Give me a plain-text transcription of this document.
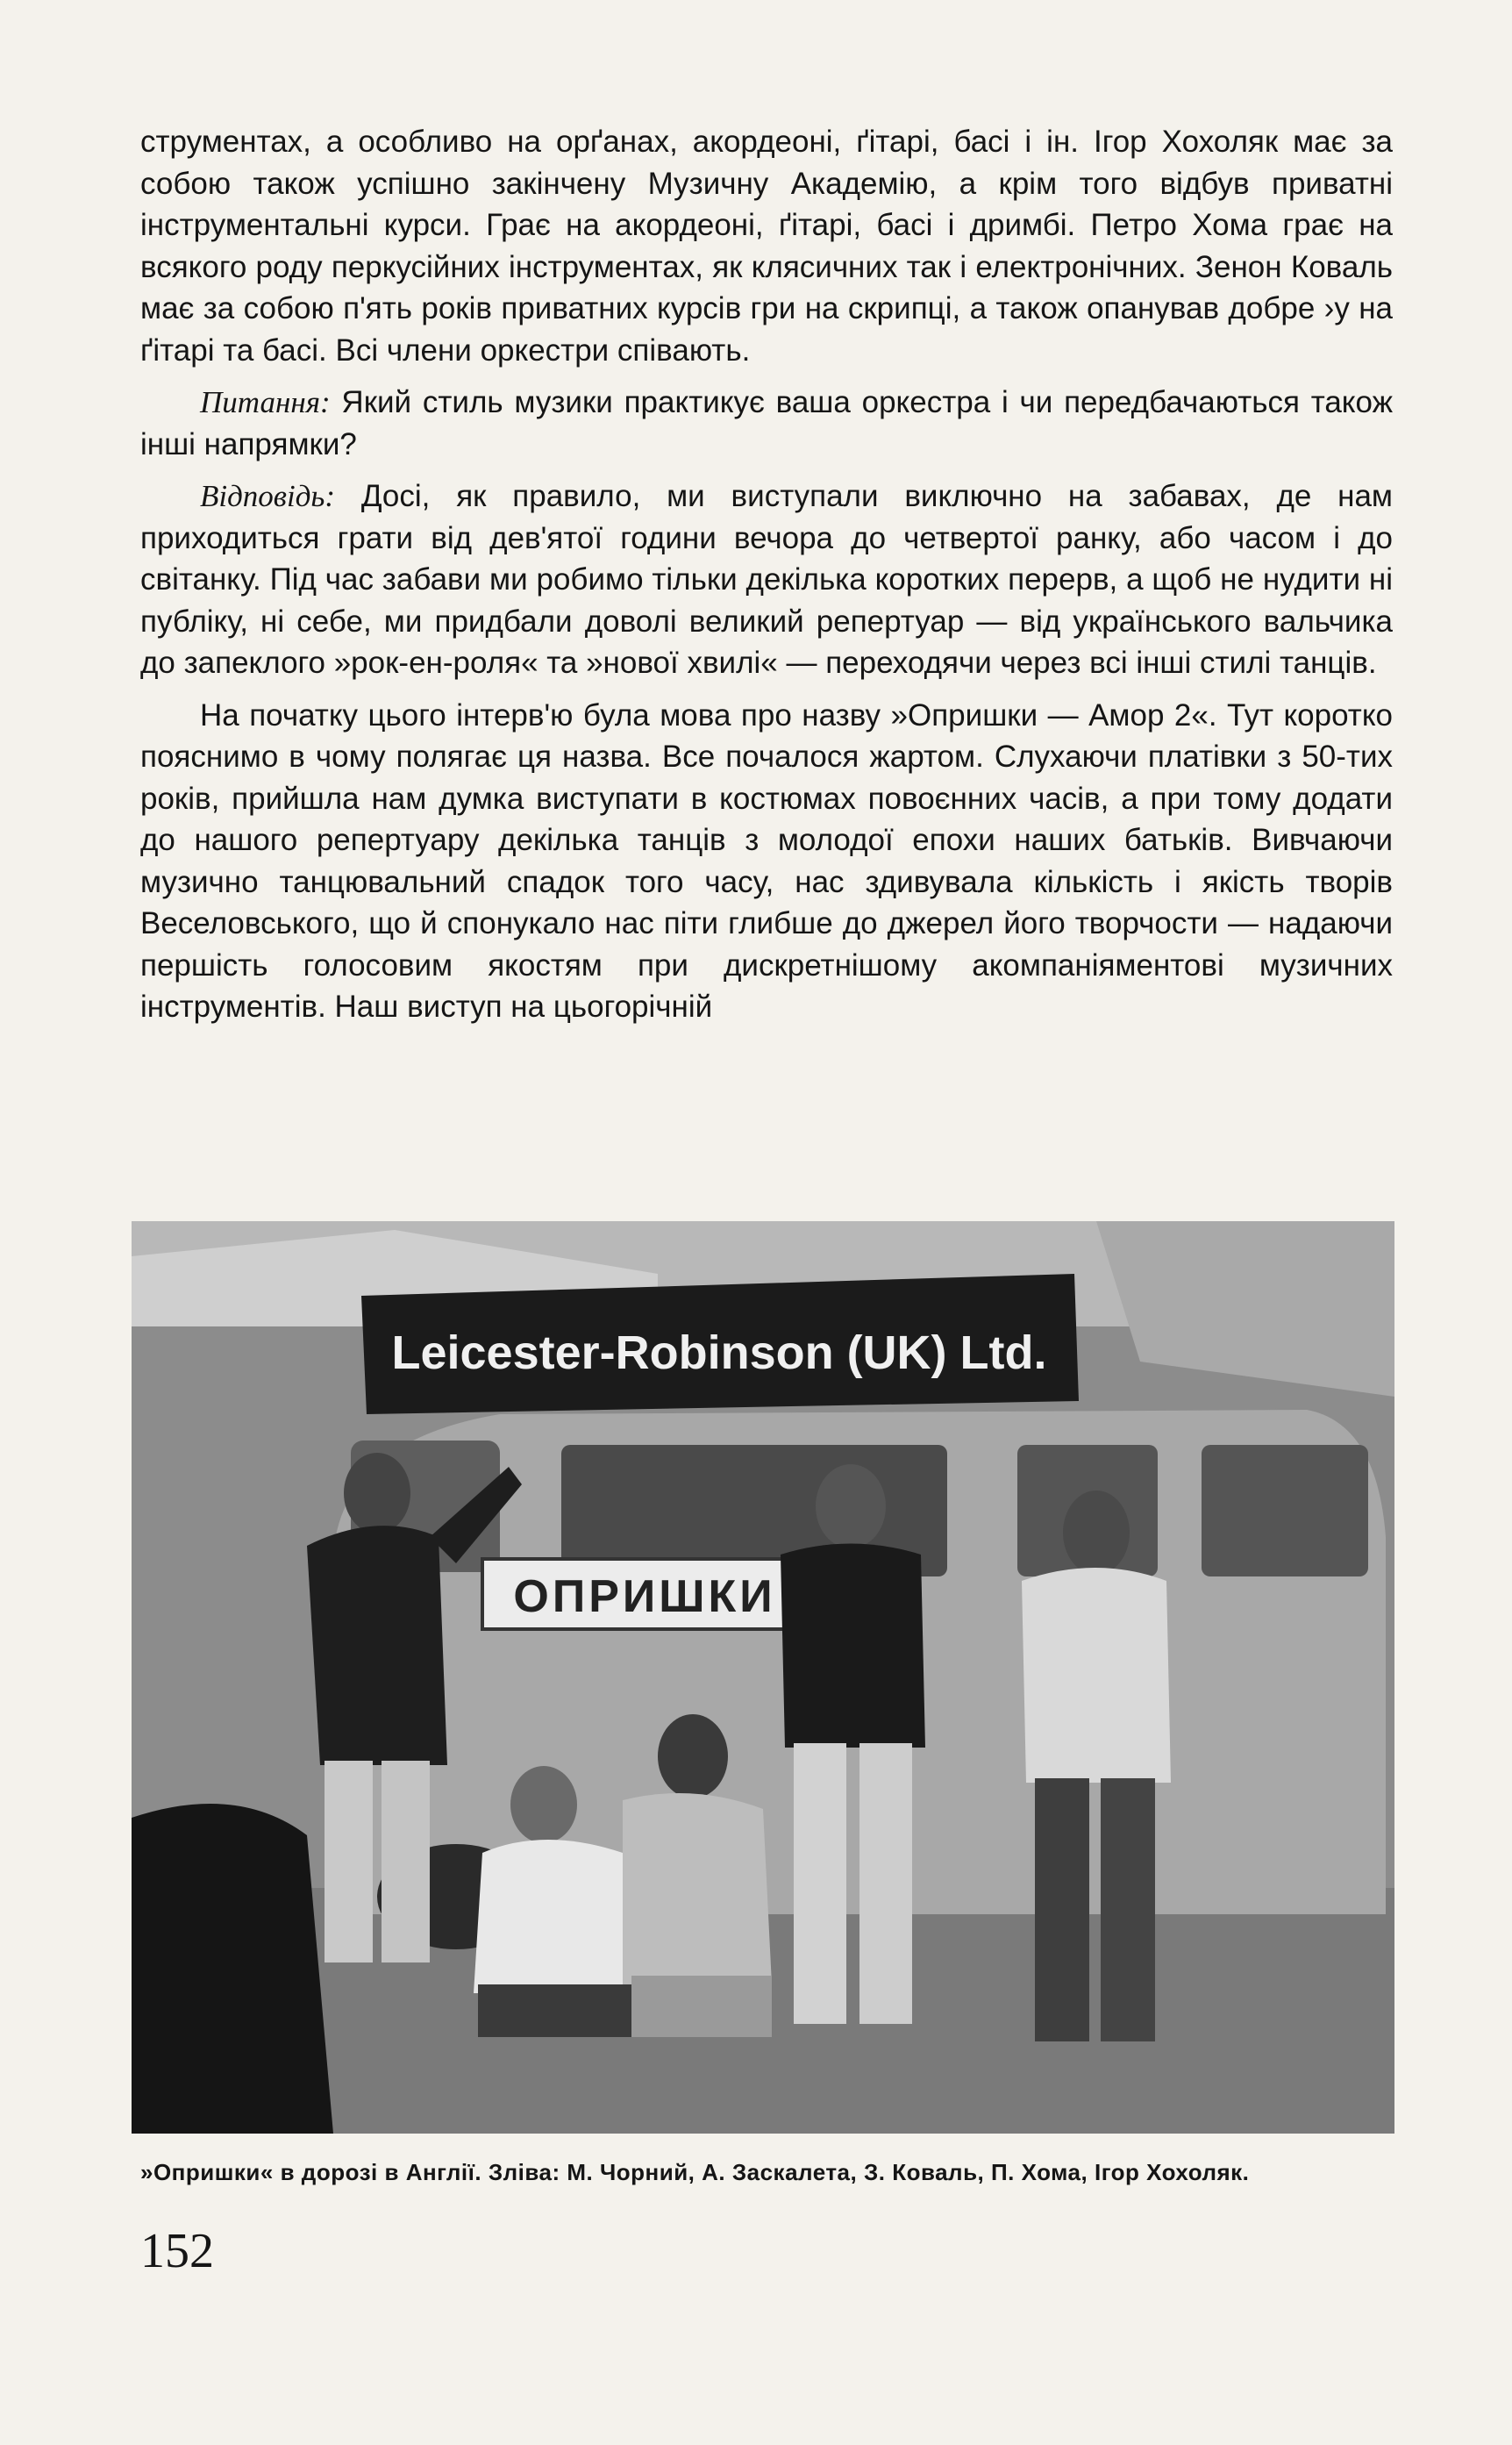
струментах, а особливо на орґанах, акордеоні, ґітарі, басі і ін. Ігор Хохоляк має за собою також успішно закінчену Музичну Академію, а крім того відбув приватні інструментальні курси. Грає на акордеоні, ґітарі, басі і дримбі. Петро Хома грає на всякого роду перкусійних інструментах, як клясичних так і електронічних. Зенон Коваль має за собою п'ять років приватних курсів гри на скрипці, а також опанував добре ›у на ґітарі та басі. Всі члени оркестри співають.

Питання: Який стиль музики практикує ваша оркестра і чи передбачаються також інші напрямки?

Відповідь: Досі, як правило, ми виступали виключно на забавах, де нам приходиться грати від дев'ятої години вечора до четвертої ранку, або часом і до світанку. Під час забави ми робимо тільки декілька коротких перерв, а щоб не нудити ні публіку, ні себе, ми придбали доволі великий репертуар — від українського вальчика до запеклого »рок-ен-роля« та »нової хвилі« — переходячи через всі інші стилі танців.

На початку цього інтерв'ю була мова про назву »Опришки — Амор 2«. Тут коротко пояснимо в чому полягає ця назва. Все почалося жартом. Слухаючи платівки з 50-тих років, прийшла нам думка виступати в костюмах повоєнних часів, а при тому додати до нашого репертуару декілька танців з молодої епохи наших батьків. Вивчаючи музично танцювальний спадок того часу, нас здивувала кількість і якість творів Веселовського, що й спонукало нас піти глибше до джерел його творчости — надаючи першість голосовим якостям при дискретнішому акомпаніяментові музичних інструментів. Наш виступ на цьогорічній

Leicester-Robinson (UK) Ltd.
ОПРИШКИ
»Опришки« в дорозі в Англії. Зліва: М. Чорний, А. Заскалета, З. Коваль, П. Хома, Ігор Хохоляк.
152
